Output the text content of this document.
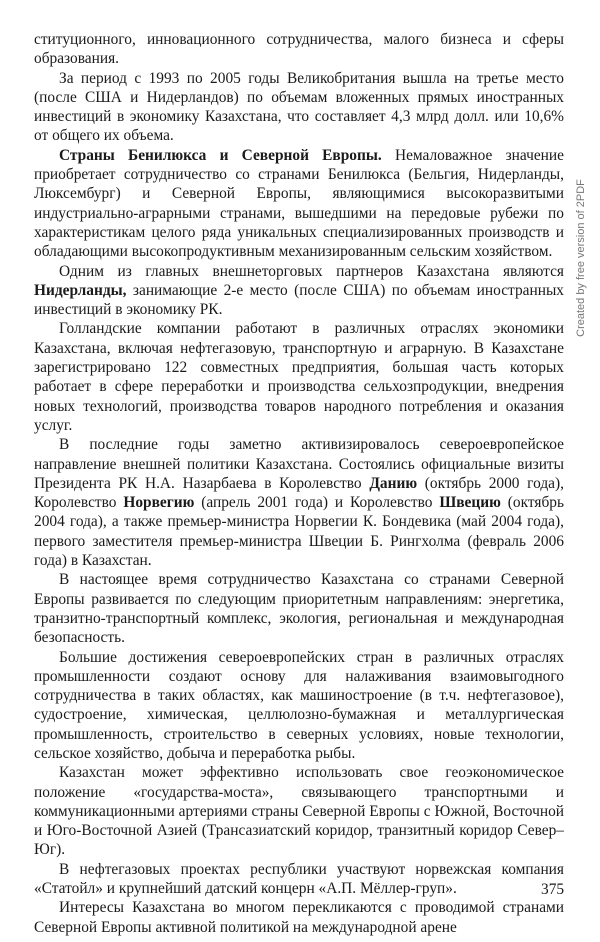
ституционного, инновационного сотрудничества, малого бизнеса и сферы образования.

За период с 1993 по 2005 годы Великобритания вышла на третье место (после США и Нидерландов) по объемам вложенных прямых иностранных инвестиций в экономику Казахстана, что составляет 4,3 млрд долл. или 10,6% от общего их объема.

Страны Бенилюкса и Северной Европы. Немаловажное значение приобретает сотрудничество со странами Бенилюкса (Бельгия, Нидерланды, Люксембург) и Северной Европы, являющимися высокоразвитыми индустриально-аграрными странами, вышедшими на передовые рубежи по характеристикам целого ряда уникальных специализированных производств и обладающими высокопродуктивным механизированным сельским хозяйством.

Одним из главных внешнеторговых партнеров Казахстана являются Нидерланды, занимающие 2-е место (после США) по объемам иностранных инвестиций в экономику РК.

Голландские компании работают в различных отраслях экономики Казахстана, включая нефтегазовую, транспортную и аграрную. В Казахстане зарегистрировано 122 совместных предприятия, большая часть которых работает в сфере переработки и производства сельхозпродукции, внедрения новых технологий, производства товаров народного потребления и оказания услуг.

В последние годы заметно активизировалось североевропейское направление внешней политики Казахстана. Состоялись официальные визиты Президента РК Н.А. Назарбаева в Королевство Данию (октябрь 2000 года), Королевство Норвегию (апрель 2001 года) и Королевство Швецию (октябрь 2004 года), а также премьер-министра Норвегии К. Бондевика (май 2004 года), первого заместителя премьер-министра Швеции Б. Рингхолма (февраль 2006 года) в Казахстан.

В настоящее время сотрудничество Казахстана со странами Северной Европы развивается по следующим приоритетным направлениям: энергетика, транзитно-транспортный комплекс, экология, региональная и международная безопасность.

Большие достижения североевропейских стран в различных отраслях промышленности создают основу для налаживания взаимовыгодного сотрудничества в таких областях, как машиностроение (в т.ч. нефтегазовое), судостроение, химическая, целлюлозно-бумажная и металлургическая промышленность, строительство в северных условиях, новые технологии, сельское хозяйство, добыча и переработка рыбы.

Казахстан может эффективно использовать свое геоэкономическое положение «государства-моста», связывающего транспортными и коммуникационными артериями страны Северной Европы с Южной, Восточной и Юго-Восточной Азией (Трансазиатский коридор, транзитный коридор Север–Юг).

В нефтегазовых проектах республики участвуют норвежская компания «Статойл» и крупнейший датский концерн «А.П. Мёллер-груп».

Интересы Казахстана во многом перекликаются с проводимой странами Северной Европы активной политикой на международной арене

375
Created by free version of 2PDF
